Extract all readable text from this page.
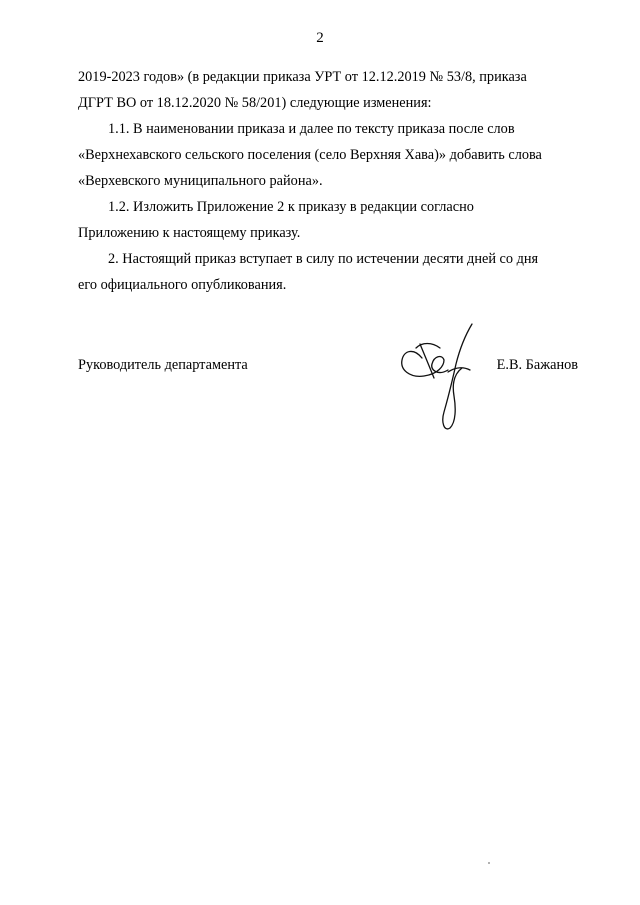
2

2019-2023 годов» (в редакции приказа УРТ от 12.12.2019 № 53/8, приказа
ДГРТ ВО от 18.12.2020 № 58/201) следующие изменения:

1.1. В наименовании приказа и далее по тексту приказа после слов
«Верхнехавского сельского поселения (село Верхняя Хава)» добавить слова
«Верхевского муниципального района».

1.2. Изложить Приложение 2 к приказу в редакции согласно
Приложению к настоящему приказу.

2. Настоящий приказ вступает в силу по истечении десяти дней со дня
его официального опубликования.

Руководитель департамента	Е.В. Бажанов
